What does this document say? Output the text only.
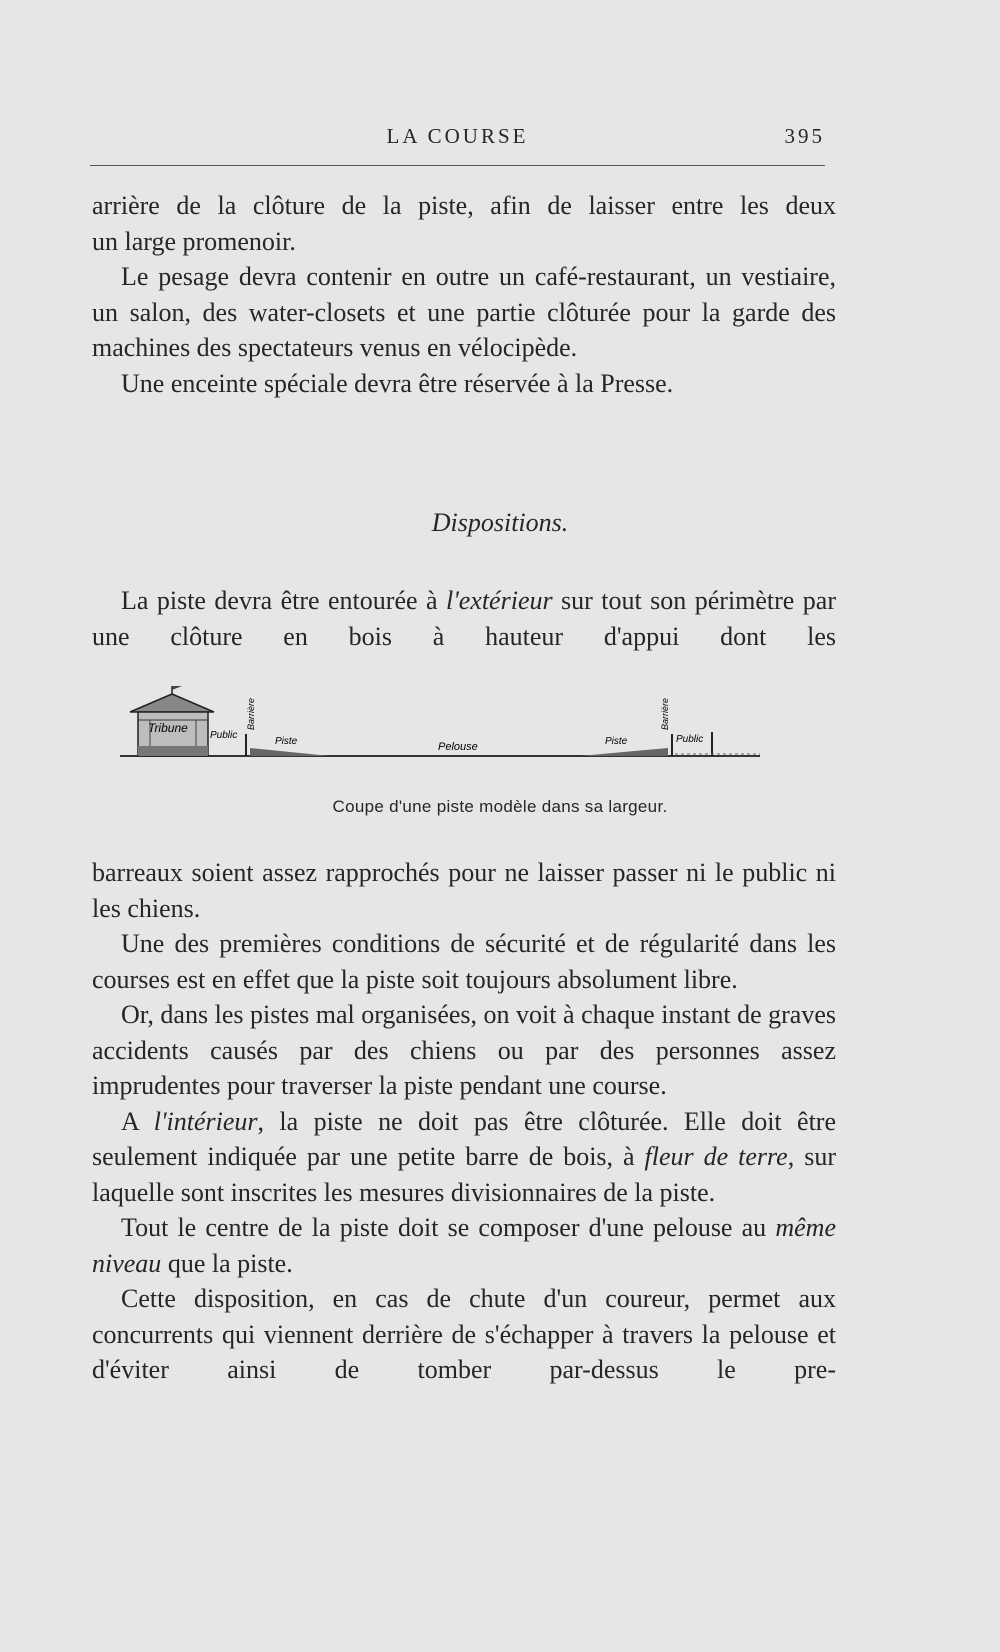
LA COURSE	395

arrière de la clôture de la piste, afin de laisser entre les deux

un large promenoir.

Le pesage devra contenir en outre un café-restaurant, un vestiaire, un salon, des water-closets et une partie clôturée pour la garde des machines des spectateurs venus en vélocipède.

Une enceinte spéciale devra être réservée à la Presse.

Dispositions.

La piste devra être entourée à l'extérieur sur tout son périmètre par une clôture en bois à hauteur d'appui dont les

Tribune
Public
Barrière
Piste	Pelouse	Piste
Barrière
Public
Coupe d'une piste modèle dans sa largeur.

barreaux soient assez rapprochés pour ne laisser passer ni le public ni les chiens.

Une des premières conditions de sécurité et de régularité dans les courses est en effet que la piste soit toujours absolument libre.

Or, dans les pistes mal organisées, on voit à chaque instant de graves accidents causés par des chiens ou par des personnes assez imprudentes pour traverser la piste pendant une course.

A l'intérieur, la piste ne doit pas être clôturée. Elle doit être seulement indiquée par une petite barre de bois, à fleur de terre, sur laquelle sont inscrites les mesures divisionnaires de la piste.

Tout le centre de la piste doit se composer d'une pelouse au même niveau que la piste.

Cette disposition, en cas de chute d'un coureur, permet aux concurrents qui viennent derrière de s'échapper à travers la pelouse et d'éviter ainsi de tomber par-dessus le pre-
